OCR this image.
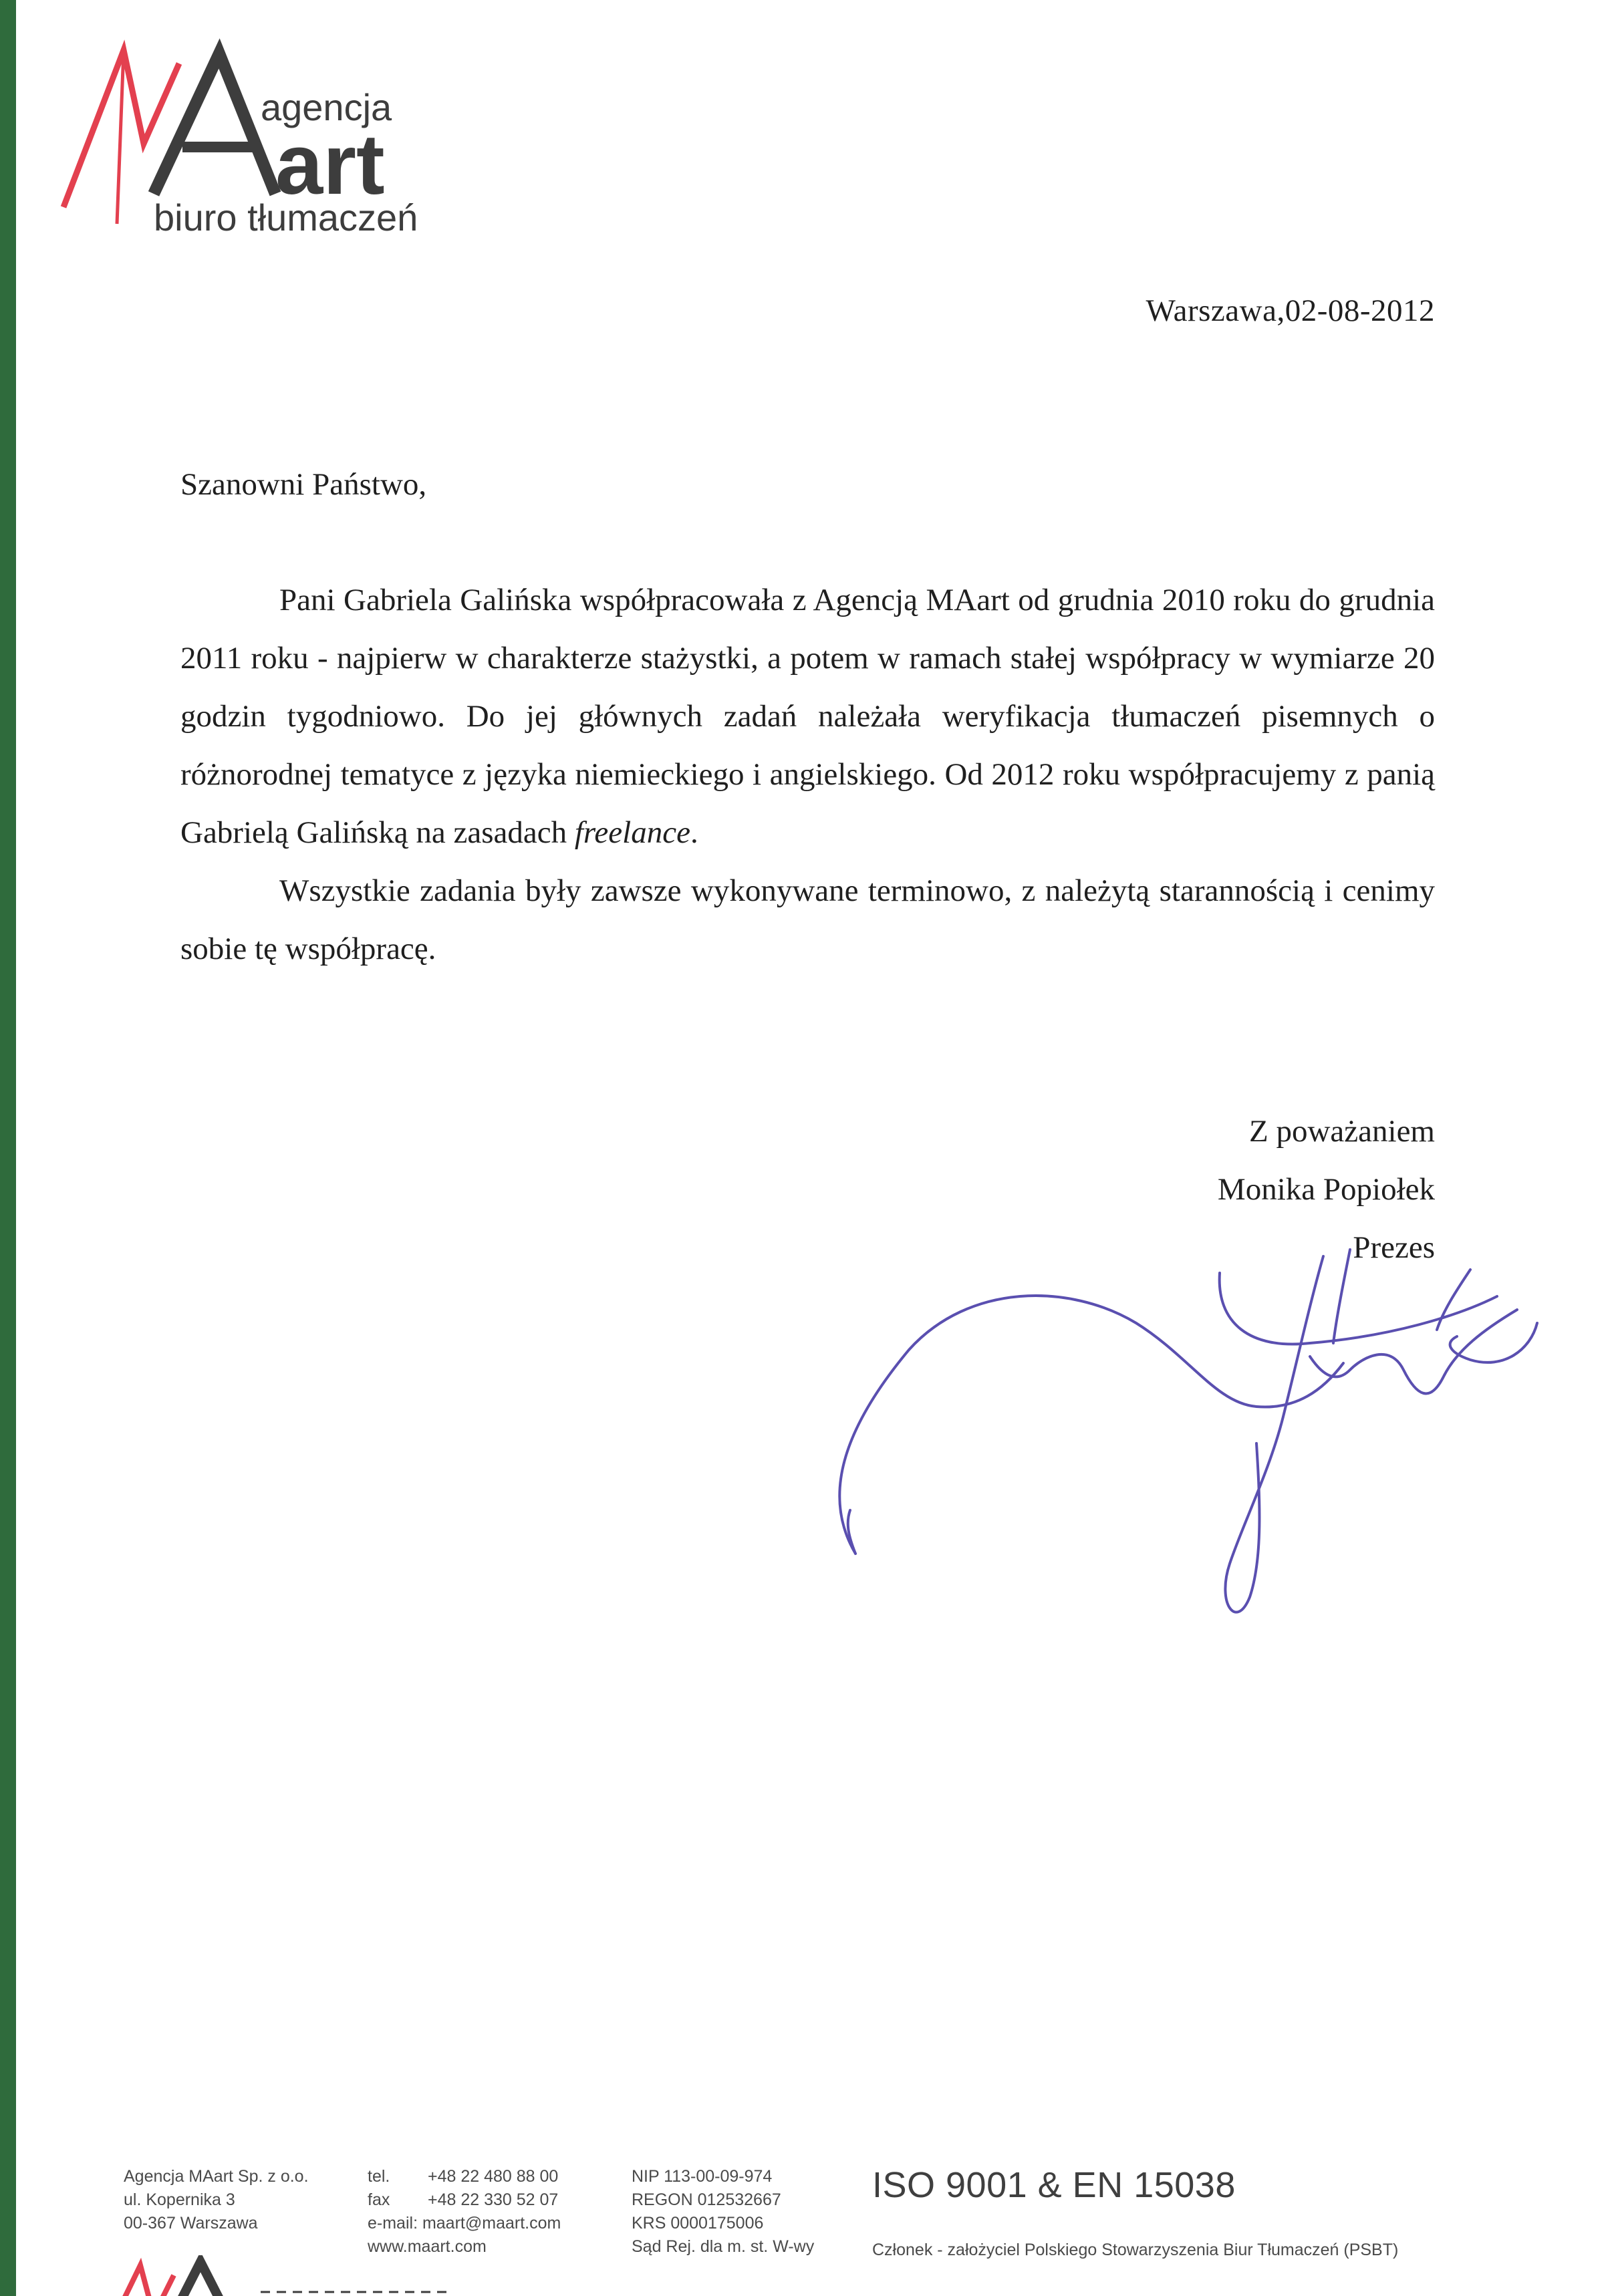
agencja
art
biuro tłumaczeń
Warszawa,02-08-2012
Szanowni Państwo,

Pani Gabriela Galińska współpracowała z Agencją MAart od grudnia 2010 roku do grudnia 2011 roku - najpierw w charakterze stażystki, a potem w ramach stałej współpracy w wymiarze 20 godzin tygodniowo. Do jej głównych zadań należała weryfikacja tłumaczeń pisemnych o różnorodnej tematyce z języka niemieckiego i angielskiego. Od 2012 roku współpracujemy z panią Gabrielą Galińską na zasadach freelance.

Wszystkie zadania były zawsze wykonywane terminowo, z należytą starannością i cenimy sobie tę współpracę.

Z poważaniem
Monika Popiołek
Prezes
Agencja MAart Sp. z o.o.
ul. Kopernika 3
00-367 Warszawa
tel.
fax
e-mail: maart@maart.com
www.maart.com
+48 22 480 88 00
+48 22 330 52 07
NIP 113-00-09-974
REGON 012532667
KRS 0000175006
Sąd Rej. dla m. st. W-wy
ISO 9001 & EN 15038
Członek - założyciel Polskiego Stowarzyszenia Biur Tłumaczeń (PSBT)
